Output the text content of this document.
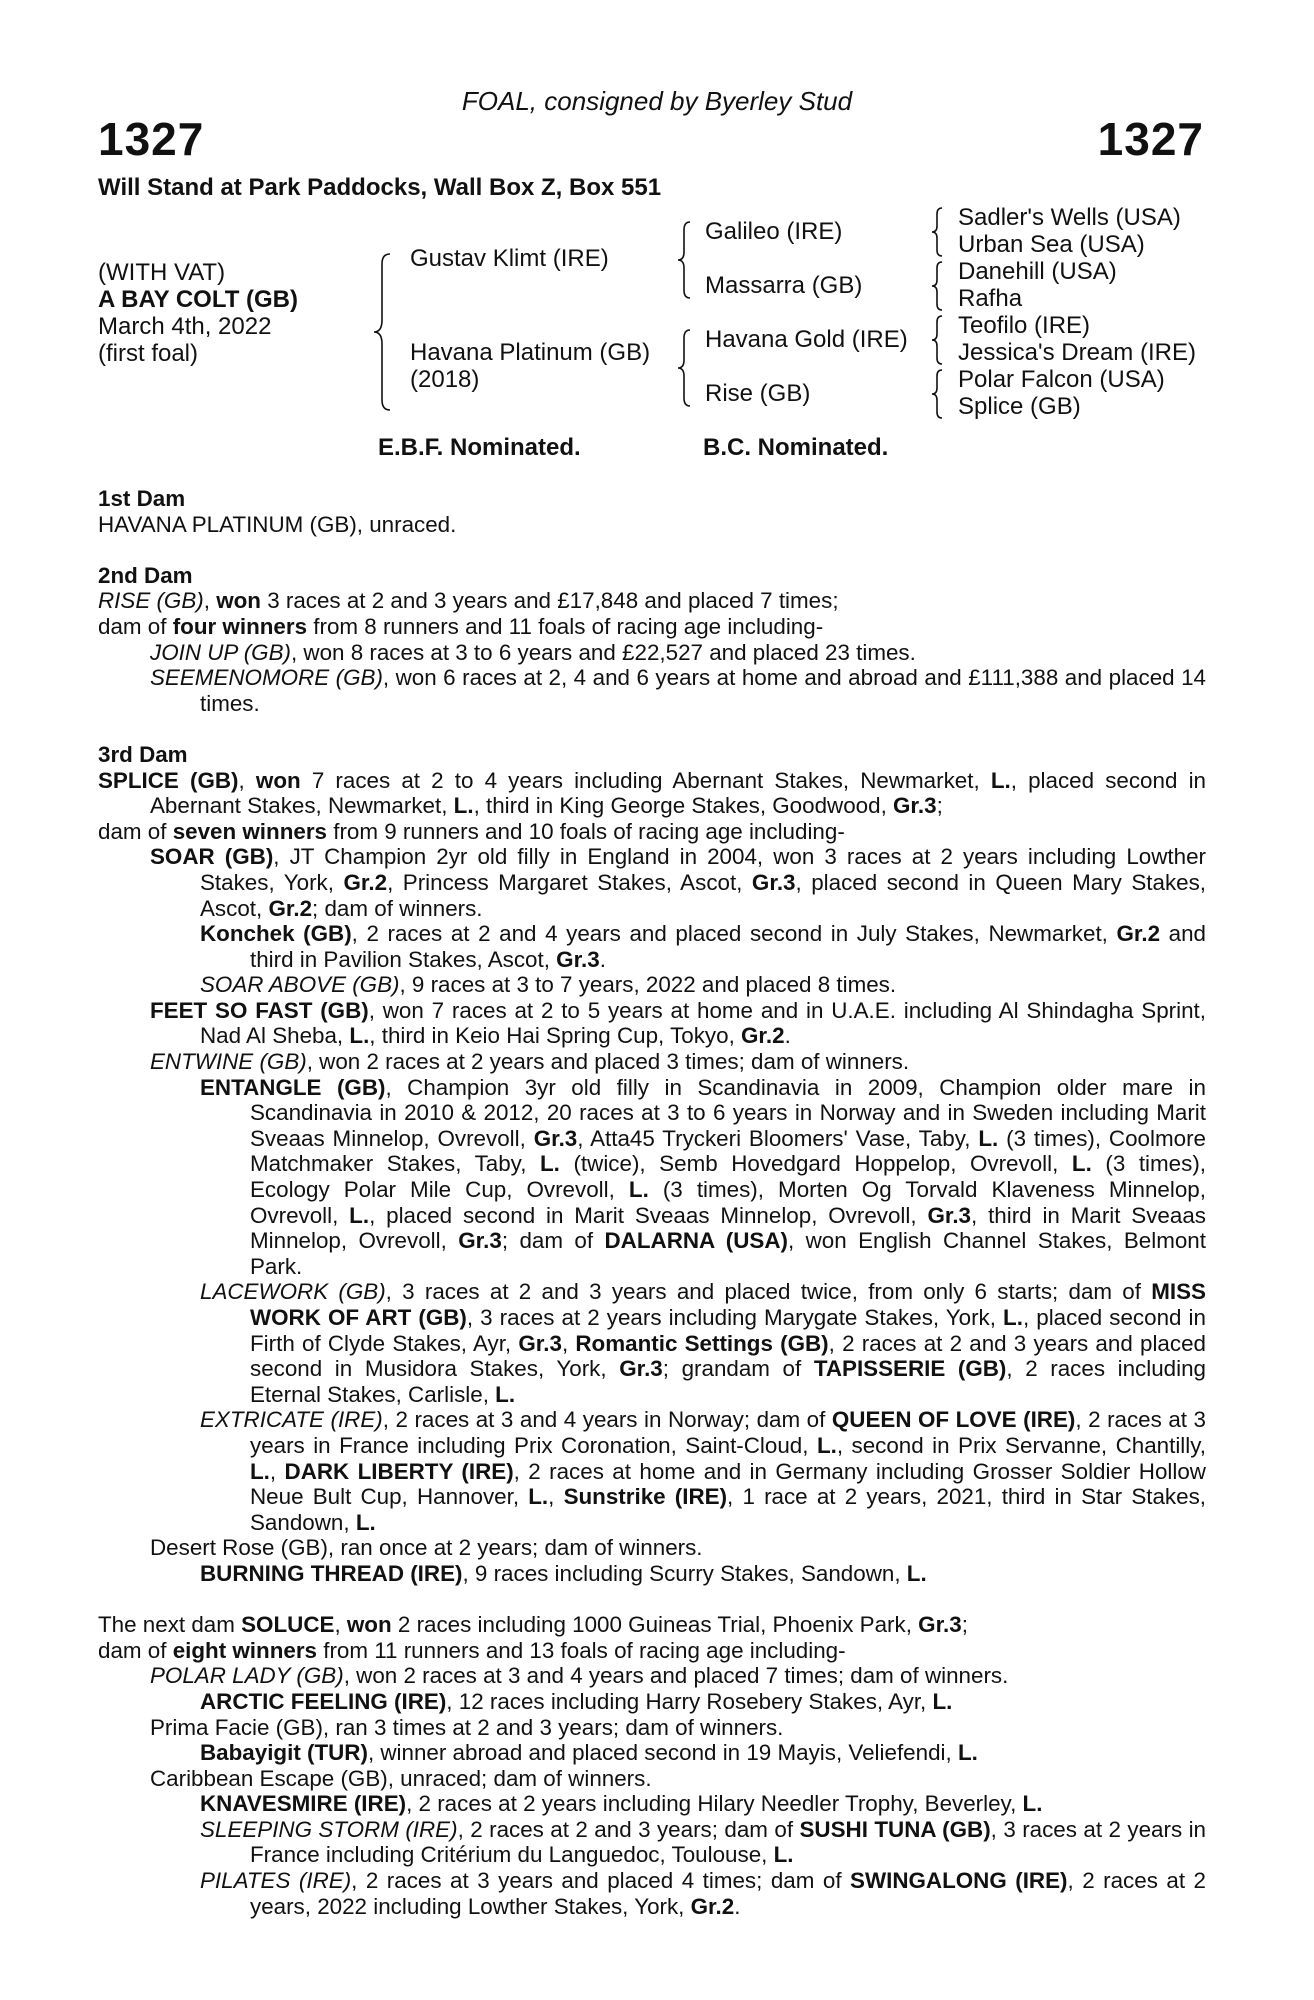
1327	1327
FOAL, consigned by Byerley Stud
Will Stand at Park Paddocks, Wall Box Z, Box 551
(WITH VAT)
A BAY COLT (GB)
March 4th, 2022
(first foal)
Gustav Klimt (IRE)
Havana Platinum (GB)
(2018)
Galileo (IRE)
Massarra (GB)
Havana Gold (IRE)
Rise (GB)
Sadler's Wells (USA)
Urban Sea (USA)
Danehill (USA)
Rafha
Teofilo (IRE)
Jessica's Dream (IRE)
Polar Falcon (USA)
Splice (GB)
E.B.F. Nominated.	B.C. Nominated.

1st Dam

HAVANA PLATINUM (GB), unraced.

2nd Dam

RISE (GB), won 3 races at 2 and 3 years and £17,848 and placed 7 times;

dam of four winners from 8 runners and 11 foals of racing age including-

JOIN UP (GB), won 8 races at 3 to 6 years and £22,527 and placed 23 times.

SEEMENOMORE (GB), won 6 races at 2, 4 and 6 years at home and abroad and £111,388 and placed 14 times.

3rd Dam

SPLICE (GB), won 7 races at 2 to 4 years including Abernant Stakes, Newmarket, L., placed second in Abernant Stakes, Newmarket, L., third in King George Stakes, Goodwood, Gr.3;

dam of seven winners from 9 runners and 10 foals of racing age including-

SOAR (GB), JT Champion 2yr old filly in England in 2004, won 3 races at 2 years including Lowther Stakes, York, Gr.2, Princess Margaret Stakes, Ascot, Gr.3, placed second in Queen Mary Stakes, Ascot, Gr.2; dam of winners.

Konchek (GB), 2 races at 2 and 4 years and placed second in July Stakes, Newmarket, Gr.2 and third in Pavilion Stakes, Ascot, Gr.3.

SOAR ABOVE (GB), 9 races at 3 to 7 years, 2022 and placed 8 times.

FEET SO FAST (GB), won 7 races at 2 to 5 years at home and in U.A.E. including Al Shindagha Sprint, Nad Al Sheba, L., third in Keio Hai Spring Cup, Tokyo, Gr.2.

ENTWINE (GB), won 2 races at 2 years and placed 3 times; dam of winners.

ENTANGLE (GB), Champion 3yr old filly in Scandinavia in 2009, Champion older mare in Scandinavia in 2010 & 2012, 20 races at 3 to 6 years in Norway and in Sweden including Marit Sveaas Minnelop, Ovrevoll, Gr.3, Atta45 Tryckeri Bloomers' Vase, Taby, L. (3 times), Coolmore Matchmaker Stakes, Taby, L. (twice), Semb Hovedgard Hoppelop, Ovrevoll, L. (3 times), Ecology Polar Mile Cup, Ovrevoll, L. (3 times), Morten Og Torvald Klaveness Minnelop, Ovrevoll, L., placed second in Marit Sveaas Minnelop, Ovrevoll, Gr.3, third in Marit Sveaas Minnelop, Ovrevoll, Gr.3; dam of DALARNA (USA), won English Channel Stakes, Belmont Park.

LACEWORK (GB), 3 races at 2 and 3 years and placed twice, from only 6 starts; dam of MISS WORK OF ART (GB), 3 races at 2 years including Marygate Stakes, York, L., placed second in Firth of Clyde Stakes, Ayr, Gr.3, Romantic Settings (GB), 2 races at 2 and 3 years and placed second in Musidora Stakes, York, Gr.3; grandam of TAPISSERIE (GB), 2 races including Eternal Stakes, Carlisle, L.

EXTRICATE (IRE), 2 races at 3 and 4 years in Norway; dam of QUEEN OF LOVE (IRE), 2 races at 3 years in France including Prix Coronation, Saint-Cloud, L., second in Prix Servanne, Chantilly, L., DARK LIBERTY (IRE), 2 races at home and in Germany including Grosser Soldier Hollow Neue Bult Cup, Hannover, L., Sunstrike (IRE), 1 race at 2 years, 2021, third in Star Stakes, Sandown, L.

Desert Rose (GB), ran once at 2 years; dam of winners.

BURNING THREAD (IRE), 9 races including Scurry Stakes, Sandown, L.

The next dam SOLUCE, won 2 races including 1000 Guineas Trial, Phoenix Park, Gr.3;

dam of eight winners from 11 runners and 13 foals of racing age including-

POLAR LADY (GB), won 2 races at 3 and 4 years and placed 7 times; dam of winners.

ARCTIC FEELING (IRE), 12 races including Harry Rosebery Stakes, Ayr, L.

Prima Facie (GB), ran 3 times at 2 and 3 years; dam of winners.

Babayigit (TUR), winner abroad and placed second in 19 Mayis, Veliefendi, L.

Caribbean Escape (GB), unraced; dam of winners.

KNAVESMIRE (IRE), 2 races at 2 years including Hilary Needler Trophy, Beverley, L.

SLEEPING STORM (IRE), 2 races at 2 and 3 years; dam of SUSHI TUNA (GB), 3 races at 2 years in France including Critérium du Languedoc, Toulouse, L.

PILATES (IRE), 2 races at 3 years and placed 4 times; dam of SWINGALONG (IRE), 2 races at 2 years, 2022 including Lowther Stakes, York, Gr.2.
